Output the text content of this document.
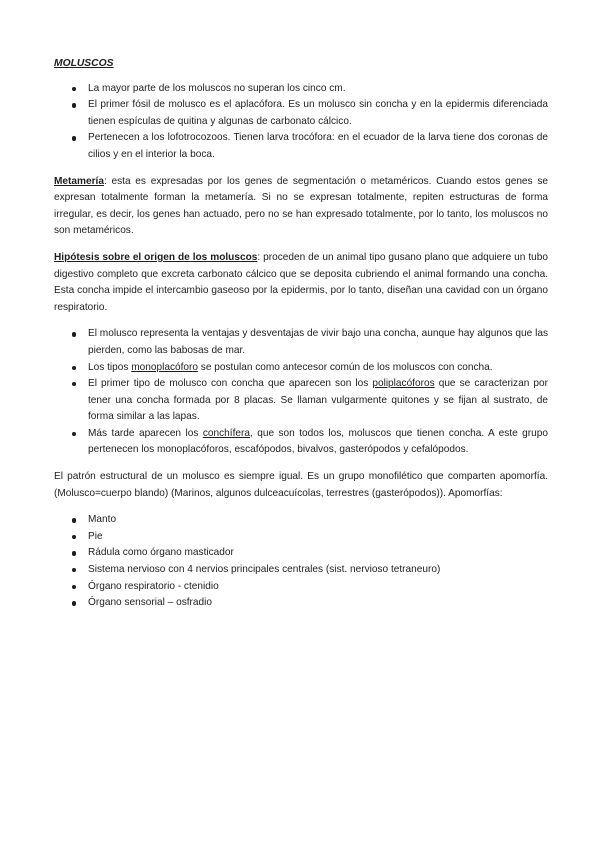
MOLUSCOS

La mayor parte de los moluscos no superan los cinco cm.
El primer fósil de molusco es el aplacófora. Es un molusco sin concha y en la epidermis diferenciada tienen espículas de quitina y algunas de carbonato cálcico.
Pertenecen a los lofotrocozoos. Tienen larva trocófora: en el ecuador de la larva tiene dos coronas de cilios y en el interior la boca.

Metamería: esta es expresadas por los genes de segmentación o metaméricos. Cuando estos genes se expresan totalmente forman la metamería. Si no se expresan totalmente, repiten estructuras de forma irregular, es decir, los genes han actuado, pero no se han expresado totalmente, por lo tanto, los moluscos no son metaméricos.

Hipótesis sobre el origen de los moluscos: proceden de un animal tipo gusano plano que adquiere un tubo digestivo completo que excreta carbonato cálcico que se deposita cubriendo el animal formando una concha. Esta concha impide el intercambio gaseoso por la epidermis, por lo tanto, diseñan una cavidad con un órgano respiratorio.

El molusco representa la ventajas y desventajas de vivir bajo una concha, aunque hay algunos que las pierden, como las babosas de mar.
Los tipos monoplacóforo se postulan como antecesor común de los moluscos con concha.
El primer tipo de molusco con concha que aparecen son los poliplacóforos que se caracterizan por tener una concha formada por 8 placas. Se llaman vulgarmente quitones y se fijan al sustrato, de forma similar a las lapas.
Más tarde aparecen los conchífera, que son todos los, moluscos que tienen concha. A este grupo pertenecen los monoplacóforos, escafópodos, bivalvos, gasterópodos y cefalópodos.

El patrón estructural de un molusco es siempre igual. Es un grupo monofilético que comparten apomorfía. (Molusco=cuerpo blando) (Marinos, algunos dulceacuícolas, terrestres (gasterópodos)). Apomorfías:

Manto
Pie
Rádula como órgano masticador
Sistema nervioso con 4 nervios principales centrales (sist. nervioso tetraneuro)
Órgano respiratorio - ctenidio
Órgano sensorial – osfradio
